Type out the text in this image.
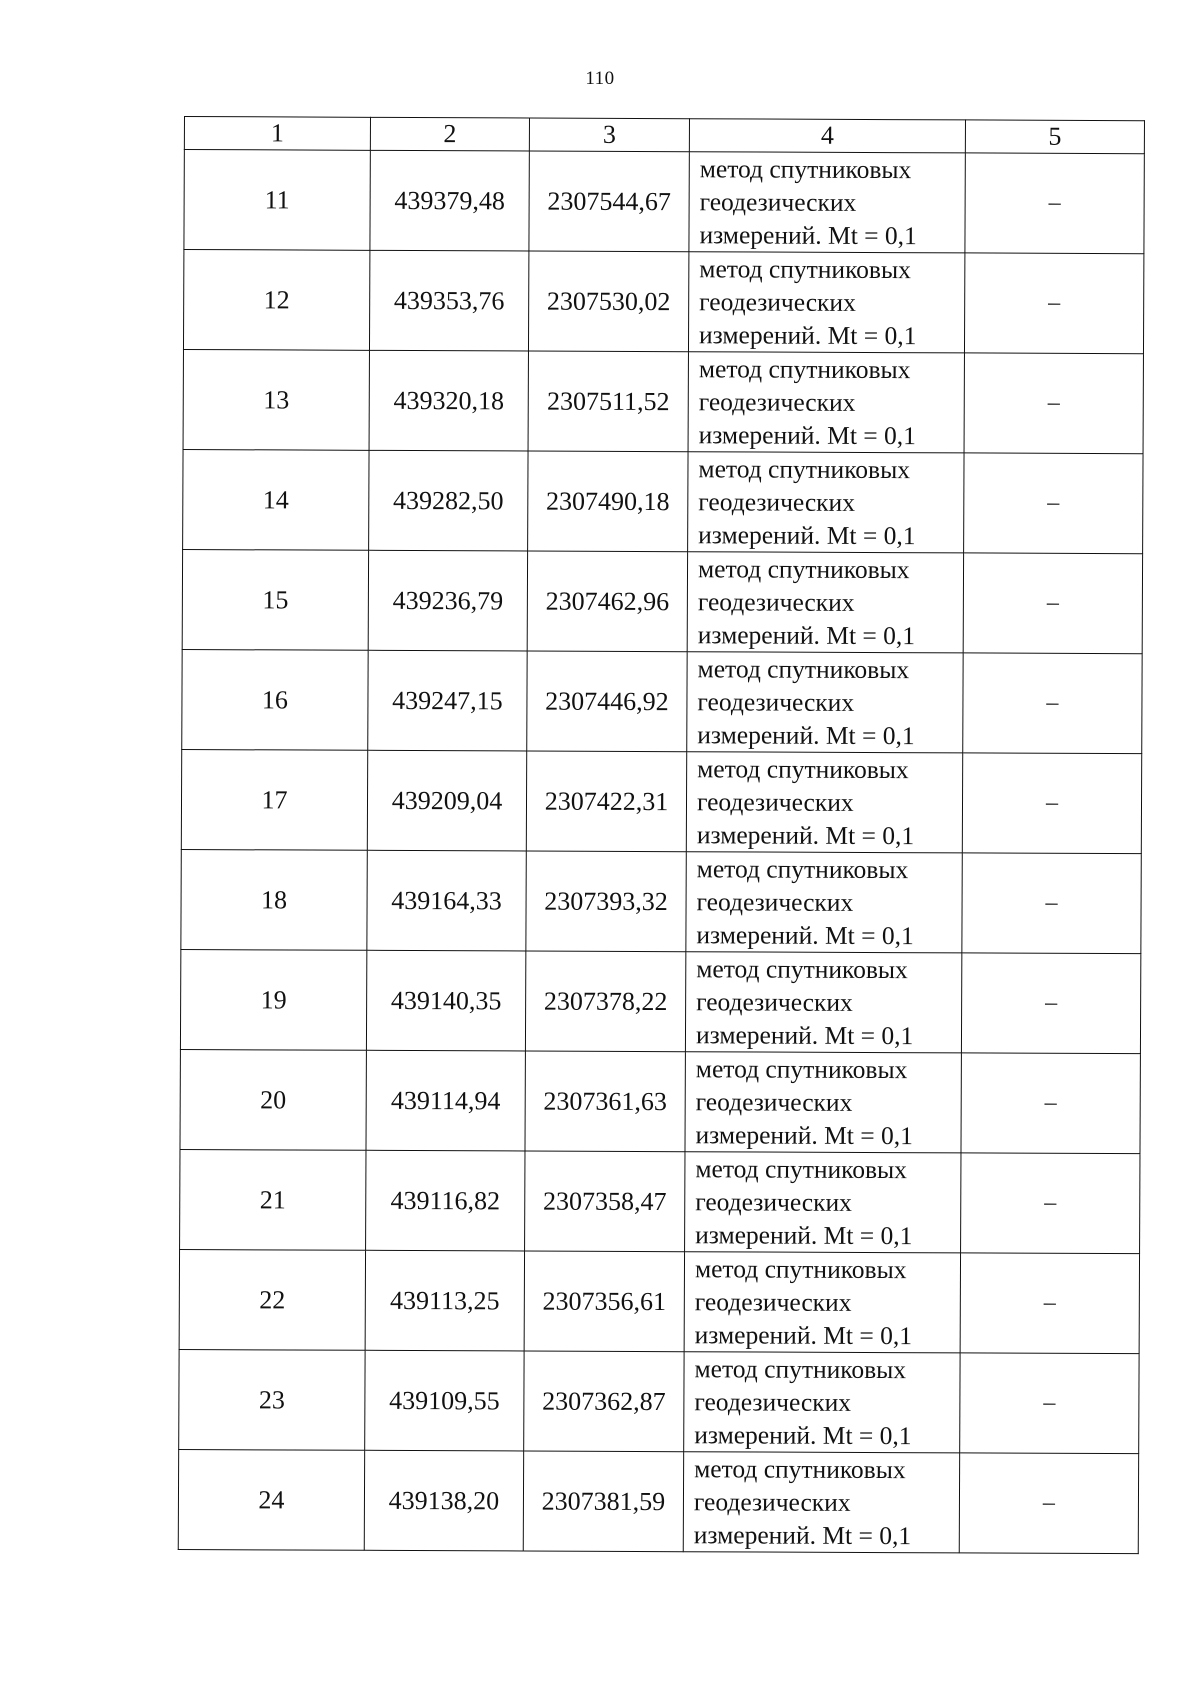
110
1	2	3	4	5
11	439379,48	2307544,67	метод спутниковых
геодезических
измерений. Mt = 0,1	–
12	439353,76	2307530,02	метод спутниковых
геодезических
измерений. Mt = 0,1	–
13	439320,18	2307511,52	метод спутниковых
геодезических
измерений. Mt = 0,1	–
14	439282,50	2307490,18	метод спутниковых
геодезических
измерений. Mt = 0,1	–
15	439236,79	2307462,96	метод спутниковых
геодезических
измерений. Mt = 0,1	–
16	439247,15	2307446,92	метод спутниковых
геодезических
измерений. Mt = 0,1	–
17	439209,04	2307422,31	метод спутниковых
геодезических
измерений. Mt = 0,1	–
18	439164,33	2307393,32	метод спутниковых
геодезических
измерений. Mt = 0,1	–
19	439140,35	2307378,22	метод спутниковых
геодезических
измерений. Mt = 0,1	–
20	439114,94	2307361,63	метод спутниковых
геодезических
измерений. Mt = 0,1	–
21	439116,82	2307358,47	метод спутниковых
геодезических
измерений. Mt = 0,1	–
22	439113,25	2307356,61	метод спутниковых
геодезических
измерений. Mt = 0,1	–
23	439109,55	2307362,87	метод спутниковых
геодезических
измерений. Mt = 0,1	–
24	439138,20	2307381,59	метод спутниковых
геодезических
измерений. Mt = 0,1	–
